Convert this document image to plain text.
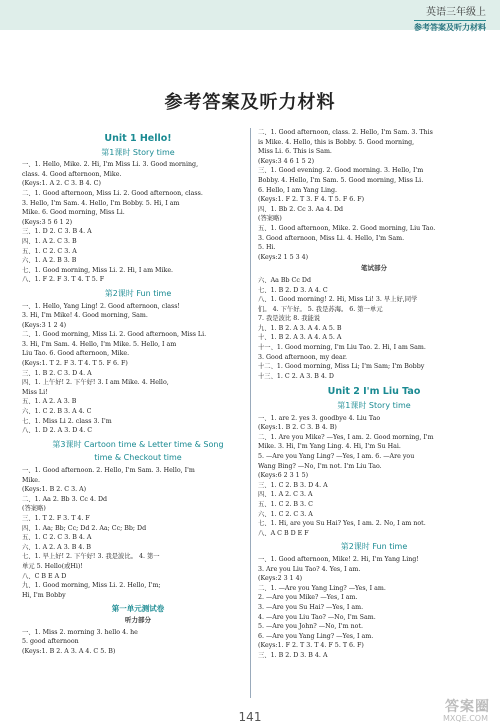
英语三年级上
参考答案及听力材料
参考答案及听力材料
Unit 1 Hello!
第1课时 Story time
一、1. Hello, Mike. 2. Hi, I'm Miss Li. 3. Good morning,
class. 4. Good afternoon, Mike.
(Keys:1. A 2. C 3. B 4. C)
二、1. Good afternoon, Miss Li. 2. Good afternoon, class.
3. Hello, I'm Sam. 4. Hello, I'm Bobby. 5. Hi, I am
Mike. 6. Good morning, Miss Li.
(Keys:3 5 6 1 2)
三、1. D 2. C 3. B 4. A
四、1. A 2. C 3. B
五、1. C 2. C 3. A
六、1. A 2. B 3. B
七、1. Good morning, Miss Li. 2. Hi, I am Mike.
八、1. F 2. F 3. T 4. T 5. F
第2课时 Fun time
一、1. Hello, Yang Ling! 2. Good afternoon, class!
3. Hi, I'm Mike! 4. Good morning, Sam.
(Keys:3 1 2 4)
二、1. Good morning, Miss Li. 2. Good afternoon, Miss Li.
3. Hi, I'm Sam. 4. Hello, I'm Mike. 5. Hello, I am
Liu Tao. 6. Good afternoon, Mike.
(Keys:1. T 2. F 3. T 4. T 5. F 6. F)
三、1. B 2. C 3. D 4. A
四、1. 上午好! 2. 下午好! 3. I am Mike. 4. Hello,
Miss Li!
五、1. A 2. A 3. B
六、1. C 2. B 3. A 4. C
七、1. Miss Li 2. class 3. I'm
八、1. D 2. A 3. D 4. C
第3课时 Cartoon time & Letter time & Song
time & Checkout time
一、1. Good afternoon. 2. Hello, I'm Sam. 3. Hello, I'm
Mike.
(Keys:1. B 2. C 3. A)
二、1. Aa 2. Bb 3. Cc 4. Dd
(答案略)
三、1. T 2. F 3. T 4. F
四、1. Aa; Bb; Cc; Dd 2. Aa; Cc; Bb; Dd
五、1. C 2. C 3. B 4. A
六、1. A 2. A 3. B 4. B
七、1. 早上好! 2. 下午好! 3. 我是波比。 4. 第一
单元 5. Hello(或Hi)!
八、C B E A D
九、1. Good morning, Miss Li. 2. Hello, I'm;
Hi, I'm Bobby
第一单元测试卷
听力部分
一、1. Miss 2. morning 3. hello 4. he
5. good afternoon
(Keys:1. B 2. A 3. A 4. C 5. B)
二、1. Good afternoon, class. 2. Hello, I'm Sam. 3. This
is Mike. 4. Hello, this is Bobby. 5. Good morning,
Miss Li. 6. This is Sam.
(Keys:3 4 6 1 5 2)
三、1. Good evening. 2. Good morning. 3. Hello, I'm
Bobby. 4. Hello, I'm Sam. 5. Good morning, Miss Li.
6. Hello, I am Yang Ling.
(Keys:1. F 2. T 3. F 4. T 5. F 6. F)
四、1. Bb 2. Cc 3. Aa 4. Dd
(答案略)
五、1. Good afternoon, Mike. 2. Good morning, Liu Tao.
3. Good afternoon, Miss Li. 4. Hello, I'm Sam.
5. Hi.
(Keys:2 1 5 3 4)
笔试部分
六、Aa Bb Cc Dd
七、1. B 2. D 3. A 4. C
八、1. Good morning! 2. Hi, Miss Li! 3. 早上好,同学
们。 4. 下午好。 5. 我是苏海。 6. 第一单元
7. 我是波比 8. 我能说
九、1. B 2. A 3. A 4. A 5. B
十、1. B 2. A 3. A 4. A 5. A
十一、1. Good morning, I'm Liu Tao. 2. Hi, I am Sam.
3. Good afternoon, my dear.
十二、1. Good morning, Miss Li; I'm Sam; I'm Bobby
十三、1. C 2. A 3. B 4. D
Unit 2 I'm Liu Tao
第1课时 Story time
一、1. are 2. yes 3. goodbye 4. Liu Tao
(Keys:1. B 2. C 3. B 4. B)
二、1. Are you Mike? —Yes, I am. 2. Good morning, I'm
Mike. 3. Hi, I'm Yang Ling. 4. Hi, I'm Su Hai.
5. —Are you Yang Ling? —Yes, I am. 6. —Are you
Wang Bing? —No, I'm not. I'm Liu Tao.
(Keys:6 2 3 1 5)
三、1. C 2. B 3. D 4. A
四、1. A 2. C 3. A
五、1. C 2. B 3. C
六、1. C 2. C 3. A
七、1. Hi, are you Su Hai? Yes, I am. 2. No, I am not.
八、A C B D E F
第2课时 Fun time
一、1. Good afternoon, Mike! 2. Hi, I'm Yang Ling!
3. Are you Liu Tao? 4. Yes, I am.
(Keys:2 3 1 4)
二、1. —Are you Yang Ling? —Yes, I am.
2. —Are you Mike? —Yes, I am.
3. —Are you Su Hai? —Yes, I am.
4. —Are you Liu Tao? —No, I'm Sam.
5. —Are you John? —No, I'm not.
6. —Are you Yang Ling? —Yes, I am.
(Keys:1. F 2. T 3. T 4. F 5. T 6. F)
三、1. B 2. D 3. B 4. A
141
答案圈
MXQE.COM
